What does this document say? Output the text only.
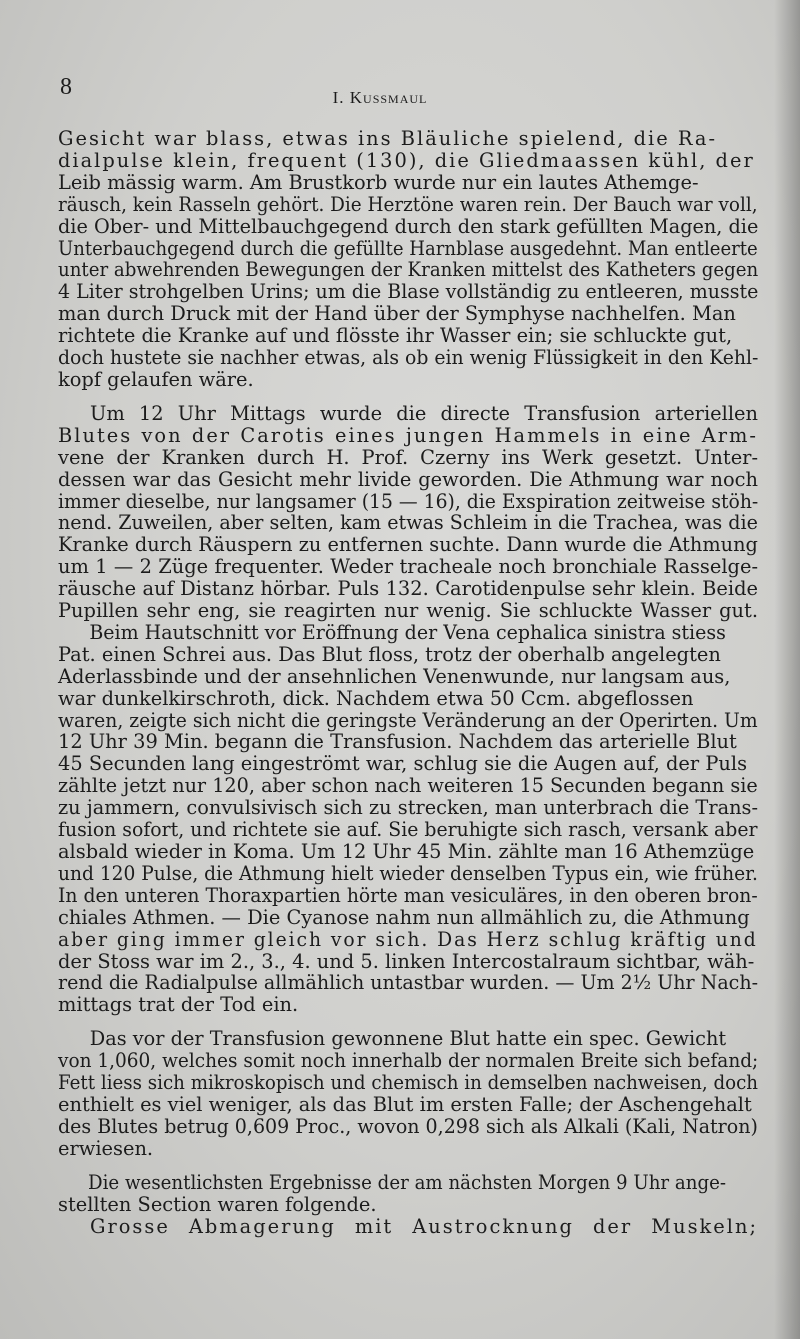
8	I. Kussmaul

Gesicht war blass, etwas ins Bläuliche spielend, die Ra-
dialpulse klein, frequent (130), die Gliedmaassen kühl, der
Leib mässig warm. Am Brustkorb wurde nur ein lautes Athemge-
räusch, kein Rasseln gehört. Die Herztöne waren rein. Der Bauch war voll,
die Ober- und Mittelbauchgegend durch den stark gefüllten Magen, die
Unterbauchgegend durch die gefüllte Harnblase ausgedehnt. Man entleerte
unter abwehrenden Bewegungen der Kranken mittelst des Katheters gegen
4 Liter strohgelben Urins; um die Blase vollständig zu entleeren, musste
man durch Druck mit der Hand über der Symphyse nachhelfen. Man
richtete die Kranke auf und flösste ihr Wasser ein; sie schluckte gut,
doch hustete sie nachher etwas, als ob ein wenig Flüssigkeit in den Kehl-
kopf gelaufen wäre.

Um 12 Uhr Mittags wurde die directe Transfusion arteriellen
Blutes von der Carotis eines jungen Hammels in eine Arm-
vene der Kranken durch H. Prof. Czerny ins Werk gesetzt. Unter-
dessen war das Gesicht mehr livide geworden. Die Athmung war noch
immer dieselbe, nur langsamer (15 — 16), die Exspiration zeitweise stöh-
nend. Zuweilen, aber selten, kam etwas Schleim in die Trachea, was die
Kranke durch Räuspern zu entfernen suchte. Dann wurde die Athmung
um 1 — 2 Züge frequenter. Weder tracheale noch bronchiale Rasselge-
räusche auf Distanz hörbar. Puls 132. Carotidenpulse sehr klein. Beide
Pupillen sehr eng, sie reagirten nur wenig. Sie schluckte Wasser gut.

Beim Hautschnitt vor Eröffnung der Vena cephalica sinistra stiess
Pat. einen Schrei aus. Das Blut floss, trotz der oberhalb angelegten
Aderlassbinde und der ansehnlichen Venenwunde, nur langsam aus,
war dunkelkirschroth, dick. Nachdem etwa 50 Ccm. abgeflossen
waren, zeigte sich nicht die geringste Veränderung an der Operirten. Um
12 Uhr 39 Min. begann die Transfusion. Nachdem das arterielle Blut
45 Secunden lang eingeströmt war, schlug sie die Augen auf, der Puls
zählte jetzt nur 120, aber schon nach weiteren 15 Secunden begann sie
zu jammern, convulsivisch sich zu strecken, man unterbrach die Trans-
fusion sofort, und richtete sie auf. Sie beruhigte sich rasch, versank aber
alsbald wieder in Koma. Um 12 Uhr 45 Min. zählte man 16 Athemzüge
und 120 Pulse, die Athmung hielt wieder denselben Typus ein, wie früher.
In den unteren Thoraxpartien hörte man vesiculäres, in den oberen bron-
chiales Athmen. — Die Cyanose nahm nun allmählich zu, die Athmung
aber ging immer gleich vor sich. Das Herz schlug kräftig und
der Stoss war im 2., 3., 4. und 5. linken Intercostalraum sichtbar, wäh-
rend die Radialpulse allmählich untastbar wurden. — Um 2½ Uhr Nach-
mittags trat der Tod ein.

Das vor der Transfusion gewonnene Blut hatte ein spec. Gewicht
von 1,060, welches somit noch innerhalb der normalen Breite sich befand;
Fett liess sich mikroskopisch und chemisch in demselben nachweisen, doch
enthielt es viel weniger, als das Blut im ersten Falle; der Aschengehalt
des Blutes betrug 0,609 Proc., wovon 0,298 sich als Alkali (Kali, Natron)
erwiesen.

Die wesentlichsten Ergebnisse der am nächsten Morgen 9 Uhr ange-
stellten Section waren folgende.

Grosse Abmagerung mit Austrocknung der Muskeln;
